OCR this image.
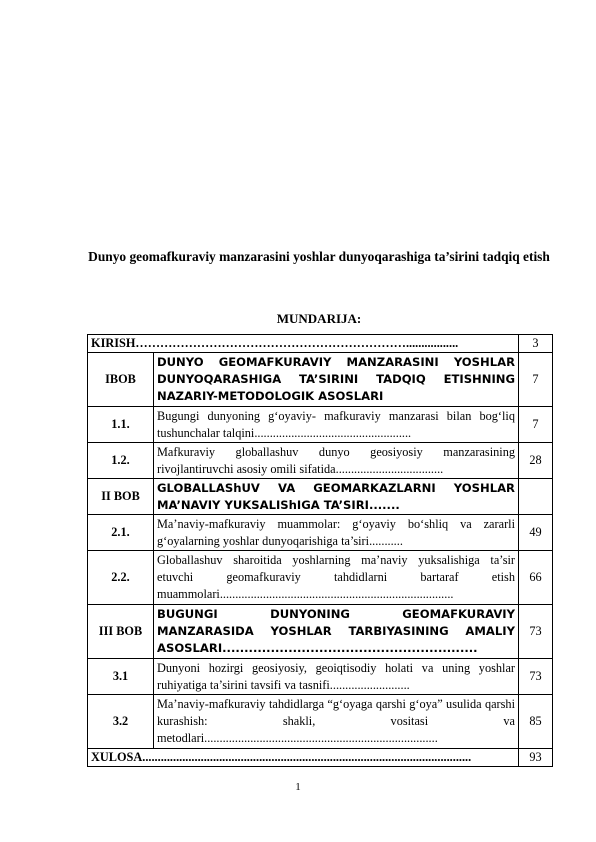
Dunyo geomafkuraviy manzarasini yoshlar dunyoqarashiga ta’sirini tadqiq etish
MUNDARIJA:
KIRISH………………………………………………………….................		3
IBOB	DUNYO GEOMAFKURAVIY MANZARASINI YOSHLAR DUNYOQARASHIGA TA’SIRINI TADQIQ ETISHNING NAZARIY-METODOLOGIK ASOSLARI	7
1.1.	Bugungi dunyoning g‘oyaviy- mafkuraviy manzarasi bilan bog‘liq tushunchalar talqini...................................................	7
1.2.	Mafkuraviy globallashuv dunyo geosiyosiy manzarasining rivojlantiruvchi asosiy omili sifatida...................................	28
II BOB	GLOBALLAShUV VA GEOMARKAZLARNI YOSHLAR MA’NAVIY YUKSALIShIGA TA’SIRI.......	
2.1.	Ma’naviy-mafkuraviy muammolar: g‘oyaviy bo‘shliq va zararli g‘oyalarning yoshlar dunyoqarishiga ta’siri...........	49
2.2.	Globallashuv sharoitida yoshlarning ma’naviy yuksalishiga ta’sir etuvchi geomafkuraviy tahdidlarni bartaraf etish muammolari............................................................................	66
III BOB	BUGUNGI DUNYONING GEOMAFKURAVIY MANZARASIDA YOSHLAR TARBIYASINING AMALIY ASOSLARI..........................................................	73
3.1	Dunyoni hozirgi geosiyosiy, geoiqtisodiy holati va uning yoshlar ruhiyatiga ta’sirini tavsifi va tasnifi..........................	73
3.2	Ma’naviy-mafkuraviy tahdidlarga “g‘oyaga qarshi g‘oya” usulida qarshi kurashish: shakli, vositasi va metodlari............................................................................	85
XULOSA...........................................................................................................		93
1
